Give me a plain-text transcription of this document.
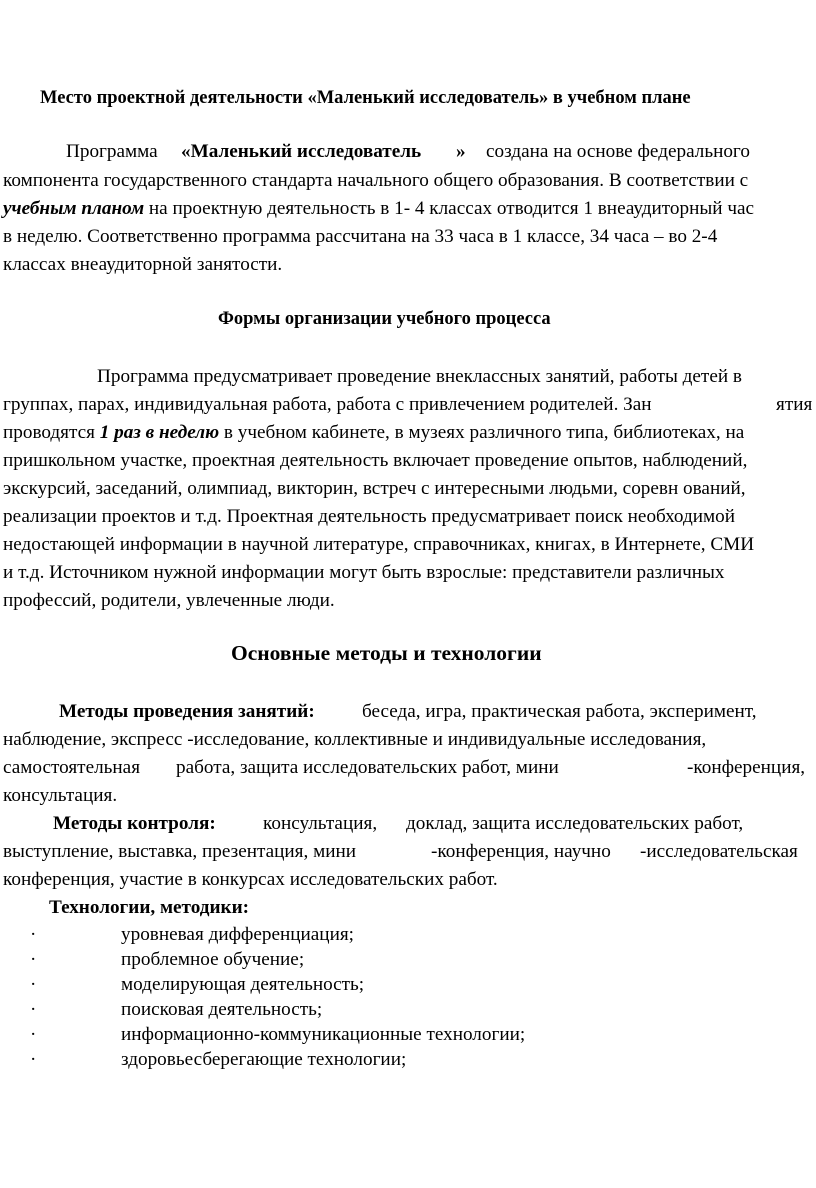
Место проектной деятельности «Маленький исследователь» в учебном плане
Программа «Маленький исследователь » создана на основе федерального
компонента государственного стандарта начального общего образования. В соответствии с
учебным планом на проектную деятельность в 1- 4 классах отводится 1 внеаудиторный час
в неделю. Соответственно программа рассчитана на 33 часа в 1 классе, 34 часа – во 2-4
классах внеаудиторной занятости.
Формы организации учебного процесса
Программа предусматривает проведение внеклассных занятий, работы детей в
группах, парах, индивидуальная работа, работа с привлечением родителей. Зан	ятия
проводятся 1 раз в неделю в учебном кабинете, в музеях различного типа, библиотеках, на
пришкольном участке, проектная деятельность включает проведение опытов, наблюдений,
экскурсий, заседаний, олимпиад, викторин, встреч с интересными людьми, соревн ований,
реализации проектов и т.д. Проектная деятельность предусматривает поиск необходимой
недостающей информации в научной литературе, справочниках, книгах, в Интернете, СМИ
и т.д. Источником нужной информации могут быть взрослые: представители различных
профессий, родители, увлеченные люди.
Основные методы и технологии
Методы проведения занятий: беседа, игра, практическая работа, эксперимент,
наблюдение, экспресс -исследование, коллективные и индивидуальные исследования,
самостоятельная работа, защита исследовательских работ, мини	-конференция,
консультация.
Методы контроля: консультация, доклад, защита исследовательских работ,
выступление, выставка, презентация, мини	-конференция, научно -исследовательская
конференция, участие в конкурсах исследовательских работ.
Технологии, методики:
·	уровневая дифференциация;
·	проблемное обучение;
·	моделирующая деятельность;
·	поисковая деятельность;
·	информационно-коммуникационные технологии;
·	здоровьесберегающие технологии;
